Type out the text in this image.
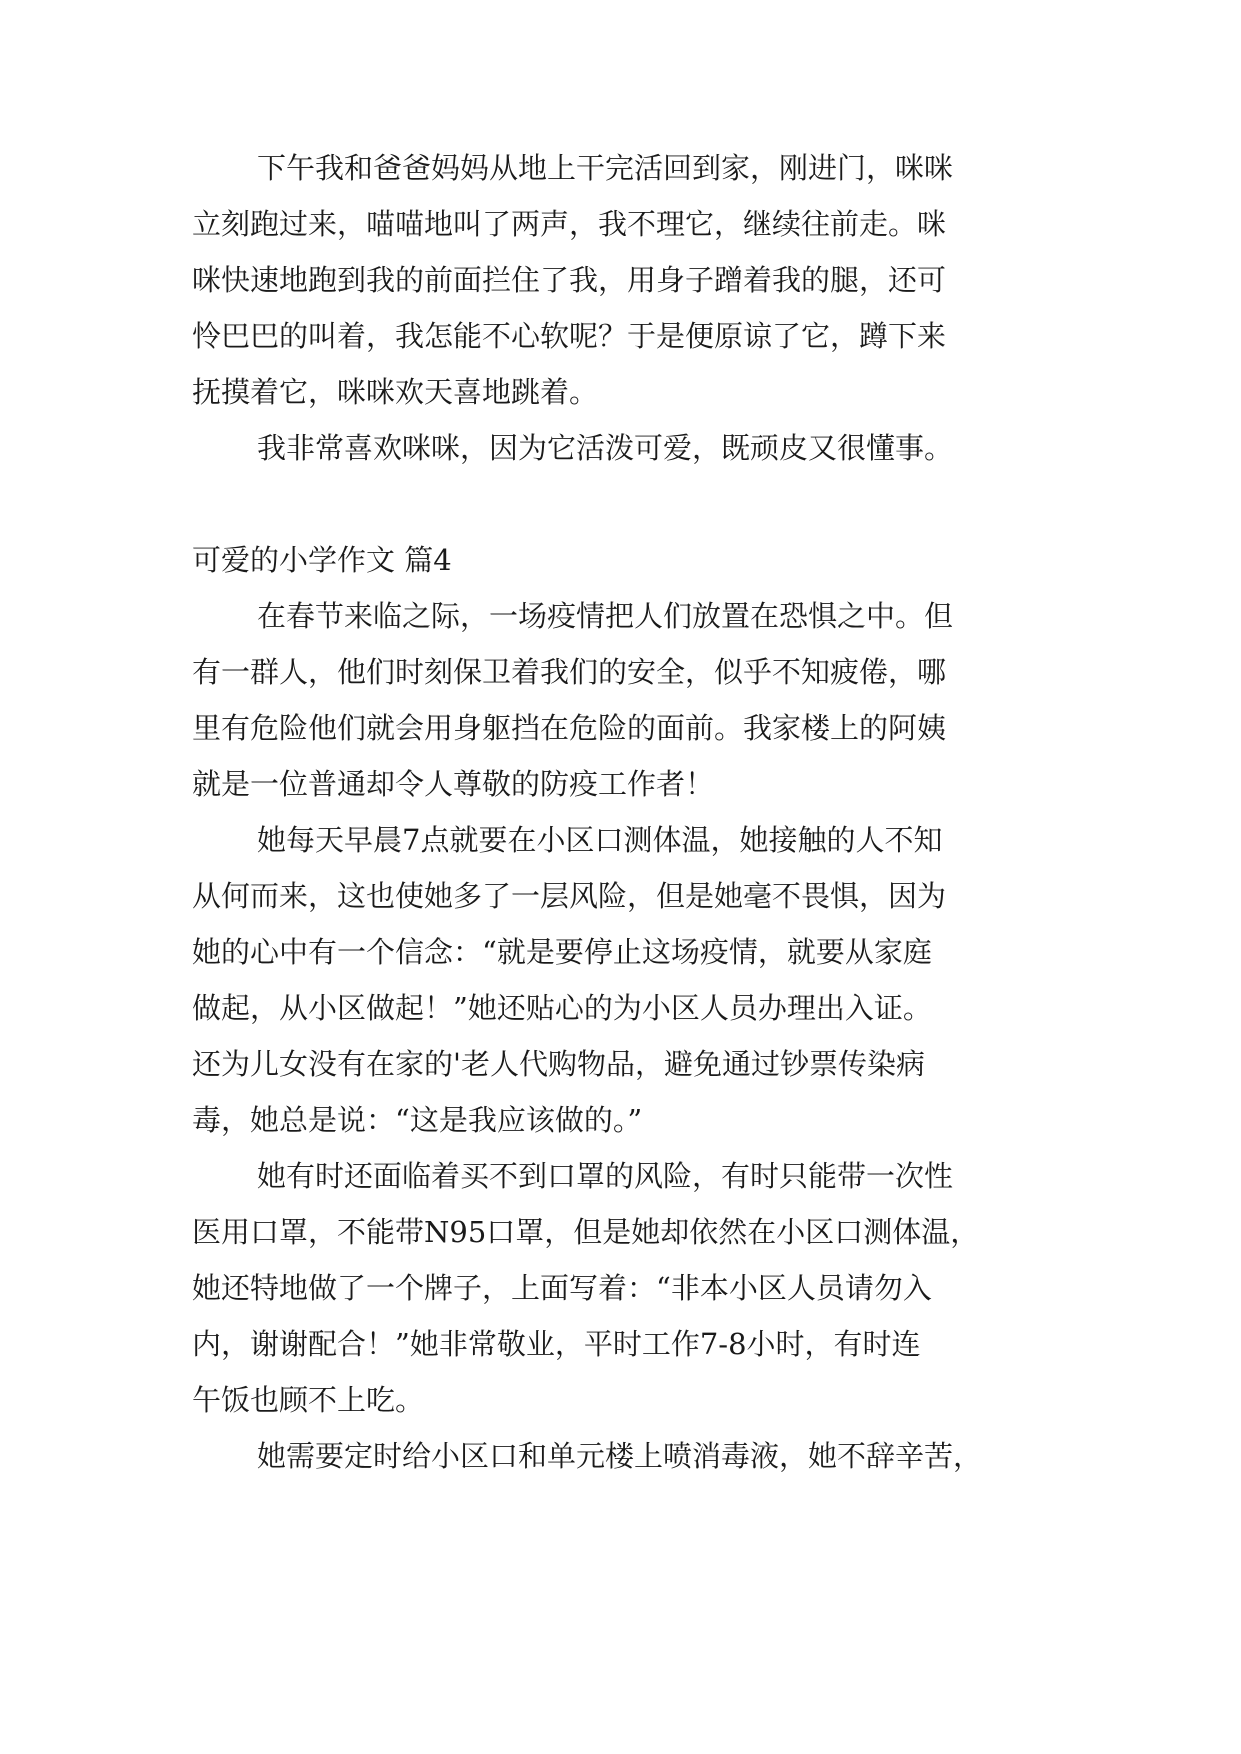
下午我和爸爸妈妈从地上干完活回到家，刚进门，咪咪
立刻跑过来，喵喵地叫了两声，我不理它，继续往前走。咪
咪快速地跑到我的前面拦住了我，用身子蹭着我的腿，还可
怜巴巴的叫着，我怎能不心软呢？于是便原谅了它，蹲下来
抚摸着它，咪咪欢天喜地跳着。
我非常喜欢咪咪，因为它活泼可爱，既顽皮又很懂事。
可爱的小学作文 篇4
在春节来临之际，一场疫情把人们放置在恐惧之中。但
有一群人，他们时刻保卫着我们的安全，似乎不知疲倦，哪
里有危险他们就会用身躯挡在危险的面前。我家楼上的阿姨
就是一位普通却令人尊敬的防疫工作者！
她每天早晨7点就要在小区口测体温，她接触的人不知
从何而来，这也使她多了一层风险，但是她毫不畏惧，因为
她的心中有一个信念：“就是要停止这场疫情，就要从家庭
做起，从小区做起！”她还贴心的为小区人员办理出入证。
还为儿女没有在家的'老人代购物品，避免通过钞票传染病
毒，她总是说：“这是我应该做的。”
她有时还面临着买不到口罩的风险，有时只能带一次性
医用口罩，不能带N95口罩，但是她却依然在小区口测体温，
她还特地做了一个牌子，上面写着：“非本小区人员请勿入
内，谢谢配合！”她非常敬业，平时工作7-8小时，有时连
午饭也顾不上吃。
她需要定时给小区口和单元楼上喷消毒液，她不辞辛苦，
